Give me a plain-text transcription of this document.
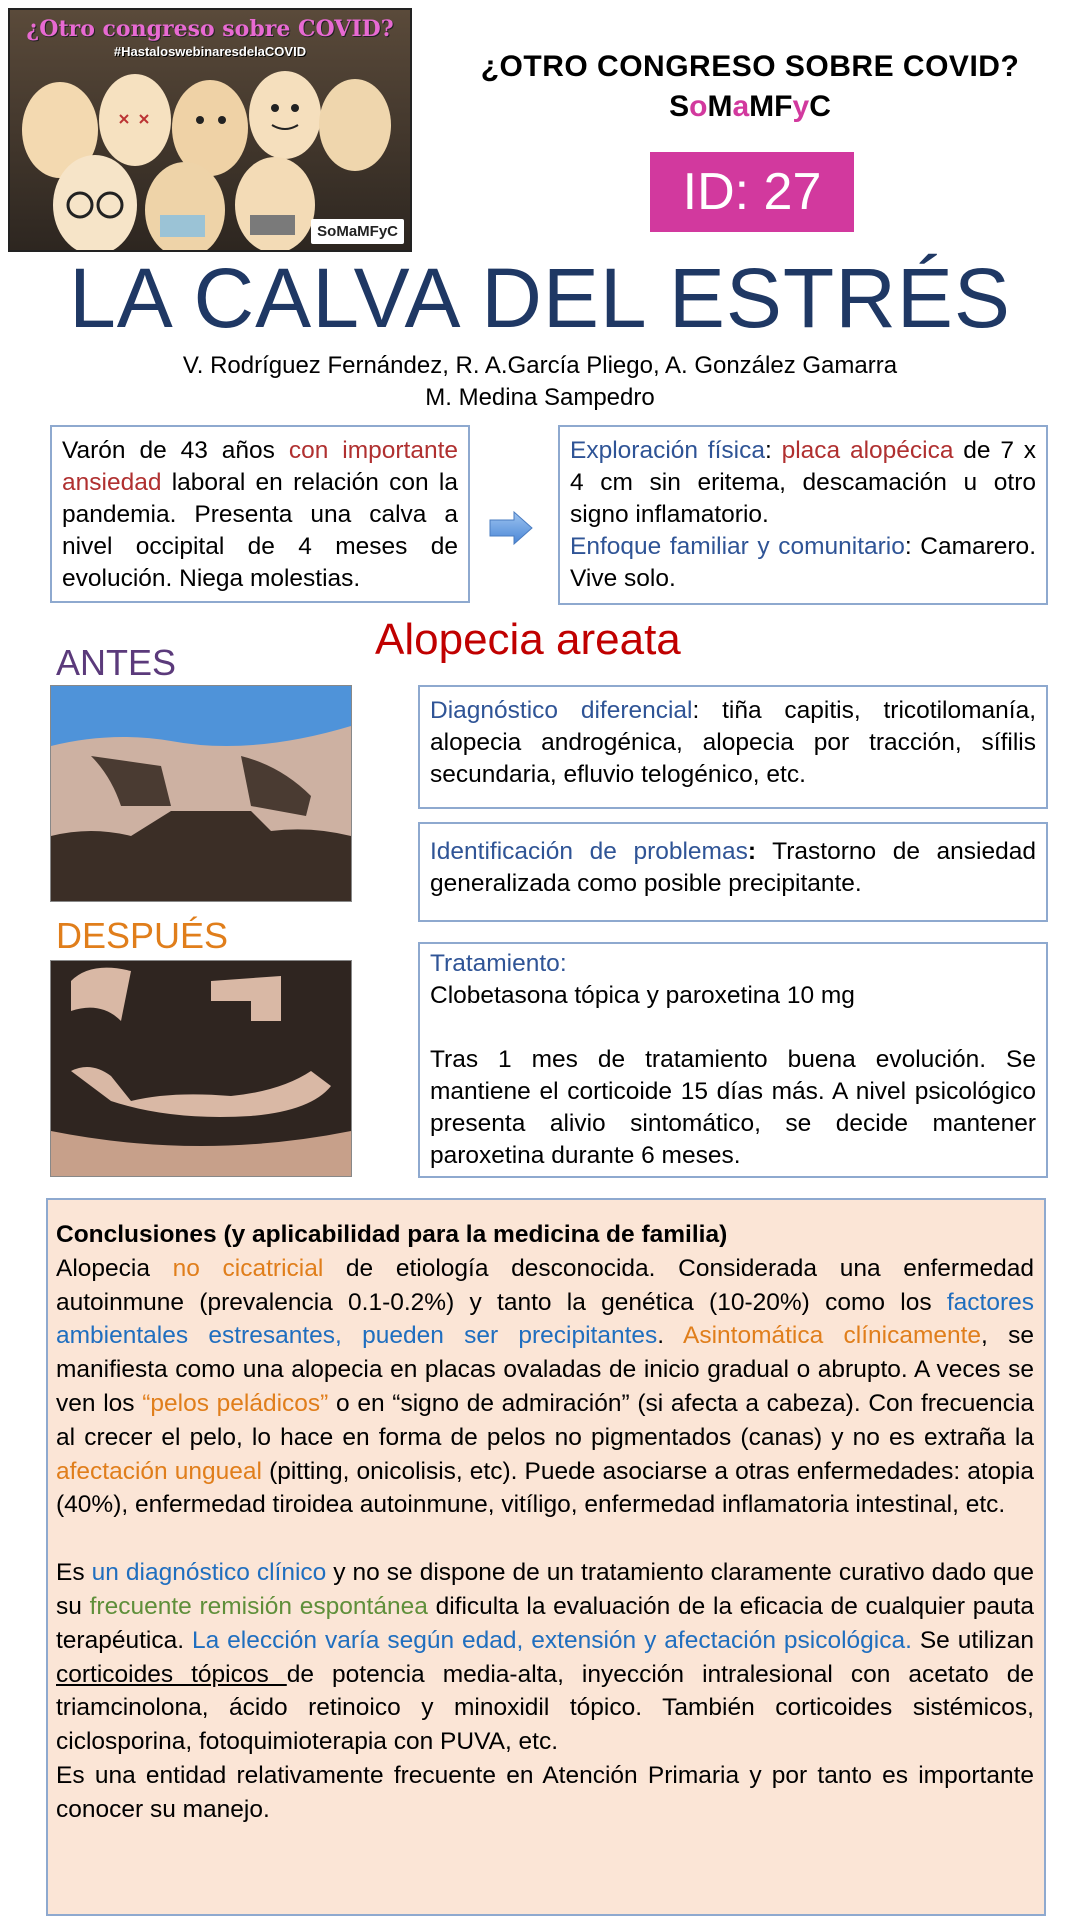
¿Otro congreso sobre COVID?
#HastaloswebinaresdelaCOVID
SoMaMFyC
¿OTRO CONGRESO SOBRE COVID?
SoMaMFyC
ID: 27
LA CALVA DEL ESTRÉS
V. Rodríguez Fernández, R. A.García Pliego, A. González Gamarra
M. Medina Sampedro

Varón de 43 años con importante ansiedad laboral en relación con la pandemia. Presenta una calva a nivel occipital de 4 meses de evolución. Niega molestias.

Exploración física: placa alopécica de 7 x 4 cm sin eritema, descamación u otro signo inflamatorio.

Enfoque familiar y comunitario: Camarero. Vive solo.

Alopecia areata
ANTES
DESPUÉS

Diagnóstico diferencial: tiña capitis, tricotilomanía, alopecia androgénica, alopecia por tracción, sífilis secundaria, efluvio telogénico, etc.

Identificación de problemas: Trastorno de ansiedad generalizada como posible precipitante.

Tratamiento:

Clobetasona tópica y paroxetina 10 mg

Tras 1 mes de tratamiento buena evolución. Se mantiene el corticoide 15 días más. A nivel psicológico presenta alivio sintomático, se decide mantener paroxetina durante 6 meses.

Conclusiones (y aplicabilidad para la medicina de familia)

Alopecia no cicatricial de etiología desconocida. Considerada una enfermedad autoinmune (prevalencia 0.1-0.2%) y tanto la genética (10-20%) como los factores ambientales estresantes, pueden ser precipitantes. Asintomática clínicamente, se manifiesta como una alopecia en placas ovaladas de inicio gradual o abrupto. A veces se ven los “pelos peládicos” o en “signo de admiración” (si afecta a cabeza). Con frecuencia al crecer el pelo, lo hace en forma de pelos no pigmentados (canas) y no es extraña la afectación ungueal (pitting, onicolisis, etc). Puede asociarse a otras enfermedades: atopia (40%), enfermedad tiroidea autoinmune, vitíligo, enfermedad inflamatoria intestinal, etc.

Es un diagnóstico clínico y no se dispone de un tratamiento claramente curativo dado que su frecuente remisión espontánea dificulta la evaluación de la eficacia de cualquier pauta terapéutica. La elección varía según edad, extensión y afectación psicológica. Se utilizan corticoides tópicos de potencia media-alta, inyección intralesional con acetato de triamcinolona, ácido retinoico y minoxidil tópico. También corticoides sistémicos, ciclosporina, fotoquimioterapia con PUVA, etc.

Es una entidad relativamente frecuente en Atención Primaria y por tanto es importante conocer su manejo.
